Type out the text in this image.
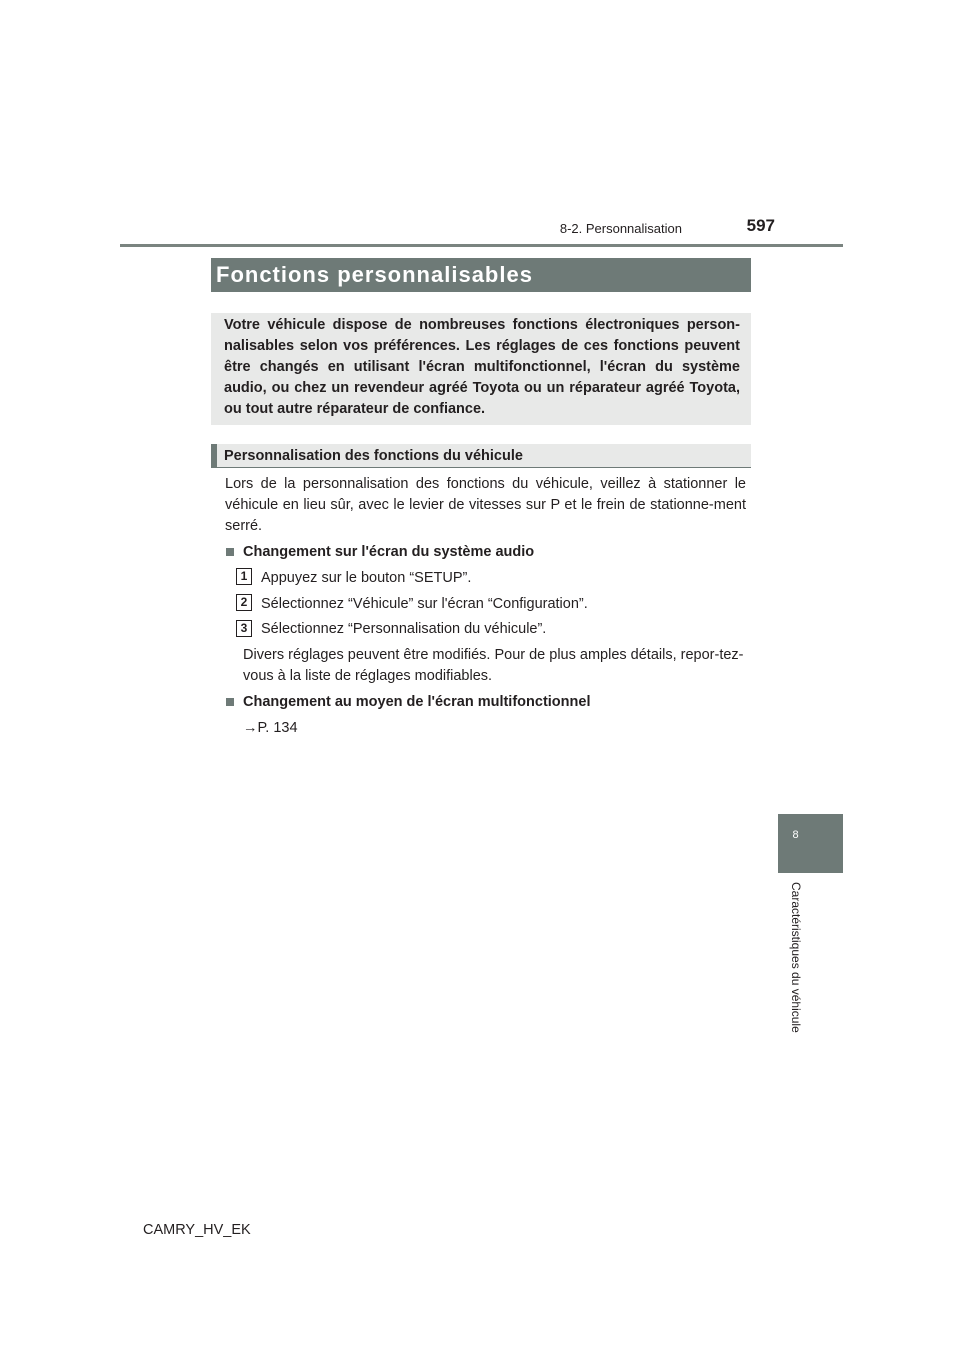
8-2. Personnalisation	597
Fonctions personnalisables
Votre véhicule dispose de nombreuses fonctions électroniques person-nalisables selon vos préférences. Les réglages de ces fonctions peuvent être changés en utilisant l'écran multifonctionnel, l'écran du système audio, ou chez un revendeur agréé Toyota ou un réparateur agréé Toyota, ou tout autre réparateur de confiance.
Personnalisation des fonctions du véhicule
Lors de la personnalisation des fonctions du véhicule, veillez à stationner le véhicule en lieu sûr, avec le levier de vitesses sur P et le frein de stationne-ment serré.
Changement sur l'écran du système audio
1 Appuyez sur le bouton “SETUP”.
2 Sélectionnez “Véhicule” sur l'écran “Configuration”.
3 Sélectionnez “Personnalisation du véhicule”.
Divers réglages peuvent être modifiés. Pour de plus amples détails, repor-tez-vous à la liste de réglages modifiables.
Changement au moyen de l'écran multifonctionnel
→P. 134
8
Caractéristiques du véhicule
CAMRY_HV_EK
